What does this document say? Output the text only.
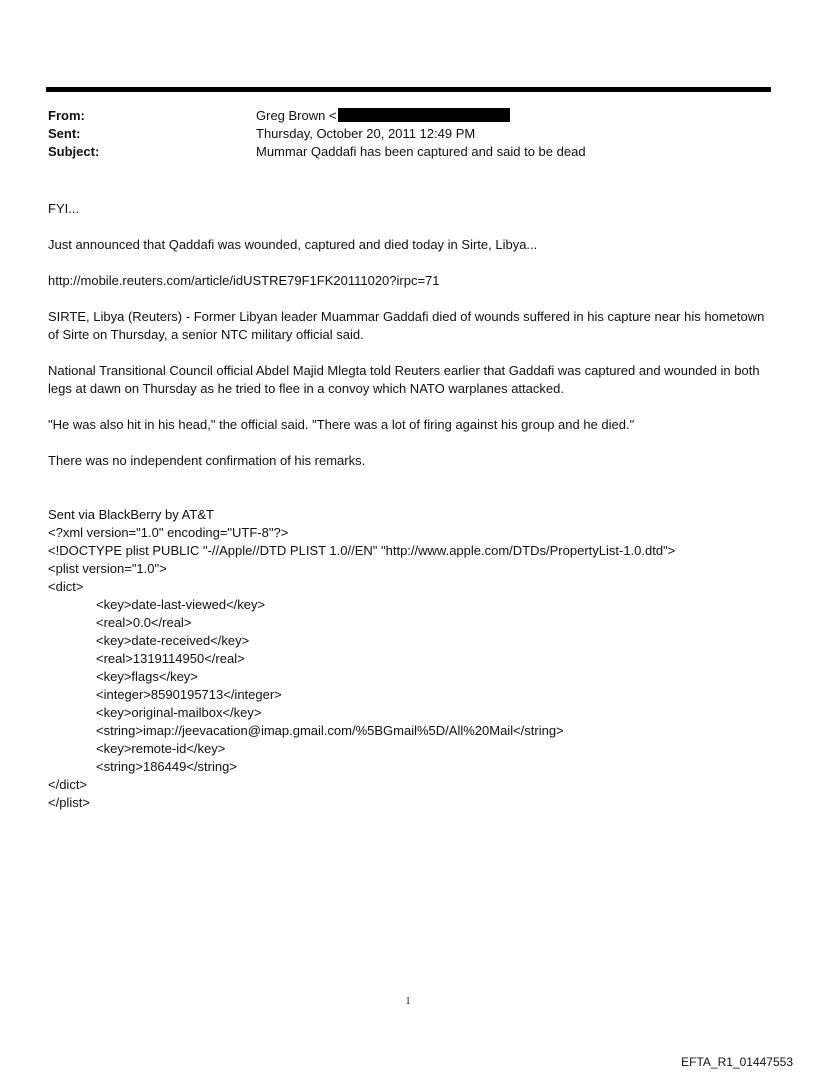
From:	Greg Brown <
Sent:	Thursday, October 20, 2011 12:49 PM
Subject:	Mummar Qaddafi has been captured and said to be dead

FYI...

Just announced that Qaddafi was wounded, captured and died today in Sirte, Libya...

http://mobile.reuters.com/article/idUSTRE79F1FK20111020?irpc=71

SIRTE, Libya (Reuters) - Former Libyan leader Muammar Gaddafi died of wounds suffered in his capture near his hometown of Sirte on Thursday, a senior NTC military official said.

National Transitional Council official Abdel Majid Mlegta told Reuters earlier that Gaddafi was captured and wounded in both legs at dawn on Thursday as he tried to flee in a convoy which NATO warplanes attacked.

"He was also hit in his head," the official said. "There was a lot of firing against his group and he died."

There was no independent confirmation of his remarks.

Sent via BlackBerry by AT&T
<?xml version="1.0" encoding="UTF-8"?>
<!DOCTYPE plist PUBLIC "-//Apple//DTD PLIST 1.0//EN" "http://www.apple.com/DTDs/PropertyList-1.0.dtd">
<plist version="1.0">
<dict>
<key>date-last-viewed</key>
<real>0.0</real>
<key>date-received</key>
<real>1319114950</real>
<key>flags</key>
<integer>8590195713</integer>
<key>original-mailbox</key>
<string>imap://jeevacation@imap.gmail.com/%5BGmail%5D/All%20Mail</string>
<key>remote-id</key>
<string>186449</string>
</dict>
</plist>
1
EFTA_R1_01447553
